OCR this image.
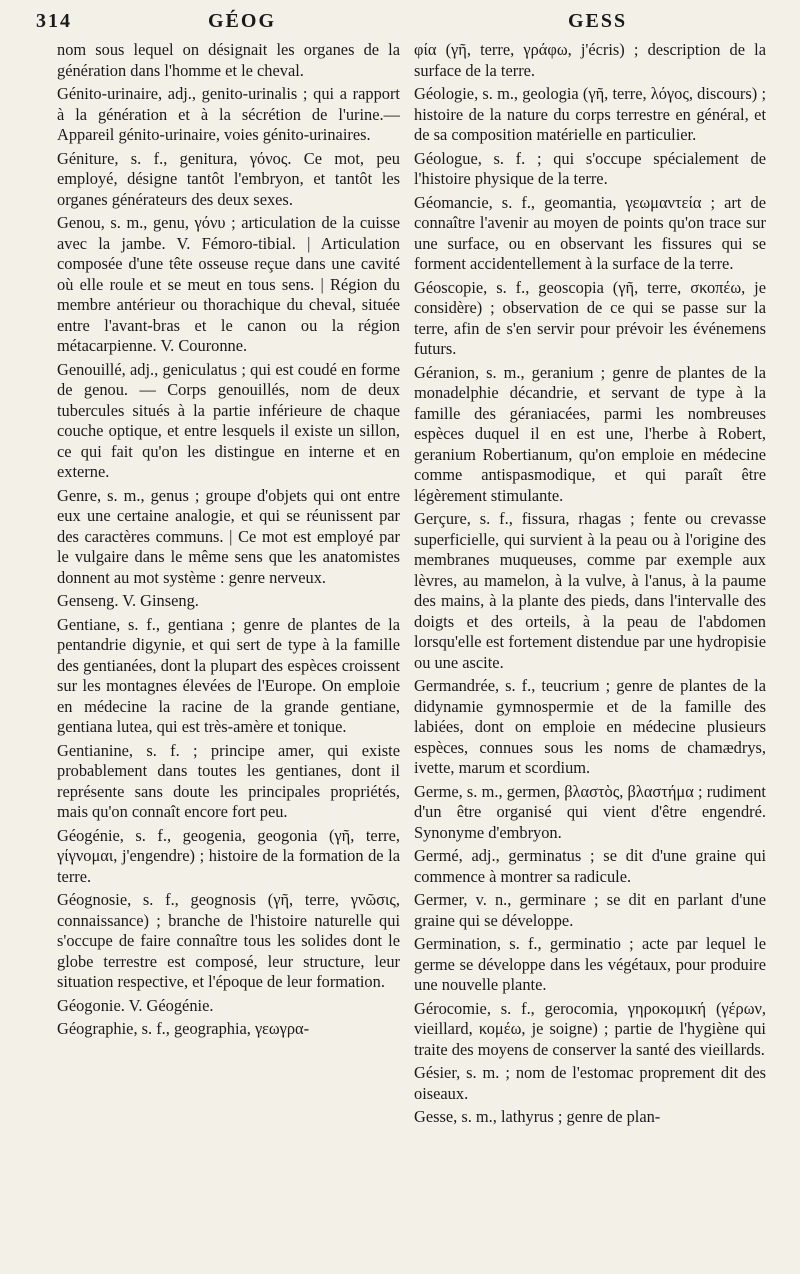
314	GÉOG	GESS

nom sous lequel on désignait les organes de la génération dans l'homme et le cheval.

Génito-urinaire, adj., genito-urinalis ; qui a rapport à la génération et à la sécrétion de l'urine.—Appareil génito-urinaire, voies génito-urinaires.

Géniture, s. f., genitura, γόνος. Ce mot, peu employé, désigne tantôt l'embryon, et tantôt les organes générateurs des deux sexes.

Genou, s. m., genu, γόνυ ; articulation de la cuisse avec la jambe. V. Fémoro-tibial. | Articulation composée d'une tête osseuse reçue dans une cavité où elle roule et se meut en tous sens. | Région du membre antérieur ou thorachique du cheval, située entre l'avant-bras et le canon ou la région métacarpienne. V. Couronne.

Genouillé, adj., geniculatus ; qui est coudé en forme de genou. — Corps genouillés, nom de deux tubercules situés à la partie inférieure de chaque couche optique, et entre lesquels il existe un sillon, ce qui fait qu'on les distingue en interne et en externe.

Genre, s. m., genus ; groupe d'objets qui ont entre eux une certaine analogie, et qui se réunissent par des caractères communs. | Ce mot est employé par le vulgaire dans le même sens que les anatomistes donnent au mot système : genre nerveux.

Genseng. V. Ginseng.

Gentiane, s. f., gentiana ; genre de plantes de la pentandrie digynie, et qui sert de type à la famille des gentianées, dont la plupart des espèces croissent sur les montagnes élevées de l'Europe. On emploie en médecine la racine de la grande gentiane, gentiana lutea, qui est très-amère et tonique.

Gentianine, s. f. ; principe amer, qui existe probablement dans toutes les gentianes, dont il représente sans doute les principales propriétés, mais qu'on connaît encore fort peu.

Géogénie, s. f., geogenia, geogonia (γῆ, terre, γίγνομαι, j'engendre) ; histoire de la formation de la terre.

Géognosie, s. f., geognosis (γῆ, terre, γνῶσις, connaissance) ; branche de l'histoire naturelle qui s'occupe de faire connaître tous les solides dont le globe terrestre est composé, leur structure, leur situation respective, et l'époque de leur formation.

Géogonie. V. Géogénie.

Géographie, s. f., geographia, γεωγρα-

φία (γῆ, terre, γράφω, j'écris) ; description de la surface de la terre.

Géologie, s. m., geologia (γῆ, terre, λόγος, discours) ; histoire de la nature du corps terrestre en général, et de sa composition matérielle en particulier.

Géologue, s. f. ; qui s'occupe spécialement de l'histoire physique de la terre.

Géomancie, s. f., geomantia, γεωμαντεία ; art de connaître l'avenir au moyen de points qu'on trace sur une surface, ou en observant les fissures qui se forment accidentellement à la surface de la terre.

Géoscopie, s. f., geoscopia (γῆ, terre, σκοπέω, je considère) ; observation de ce qui se passe sur la terre, afin de s'en servir pour prévoir les événemens futurs.

Géranion, s. m., geranium ; genre de plantes de la monadelphie décandrie, et servant de type à la famille des géraniacées, parmi les nombreuses espèces duquel il en est une, l'herbe à Robert, geranium Robertianum, qu'on emploie en médecine comme antispasmodique, et qui paraît être légèrement stimulante.

Gerçure, s. f., fissura, rhagas ; fente ou crevasse superficielle, qui survient à la peau ou à l'origine des membranes muqueuses, comme par exemple aux lèvres, au mamelon, à la vulve, à l'anus, à la paume des mains, à la plante des pieds, dans l'intervalle des doigts et des orteils, à la peau de l'abdomen lorsqu'elle est fortement distendue par une hydropisie ou une ascite.

Germandrée, s. f., teucrium ; genre de plantes de la didynamie gymnospermie et de la famille des labiées, dont on emploie en médecine plusieurs espèces, connues sous les noms de chamædrys, ivette, marum et scordium.

Germe, s. m., germen, βλαστὸς, βλαστήμα ; rudiment d'un être organisé qui vient d'être engendré. Synonyme d'embryon.

Germé, adj., germinatus ; se dit d'une graine qui commence à montrer sa radicule.

Germer, v. n., germinare ; se dit en parlant d'une graine qui se développe.

Germination, s. f., germinatio ; acte par lequel le germe se développe dans les végétaux, pour produire une nouvelle plante.

Gérocomie, s. f., gerocomia, γηροκομική (γέρων, vieillard, κομέω, je soigne) ; partie de l'hygiène qui traite des moyens de conserver la santé des vieillards.

Gésier, s. m. ; nom de l'estomac proprement dit des oiseaux.

Gesse, s. m., lathyrus ; genre de plan-
